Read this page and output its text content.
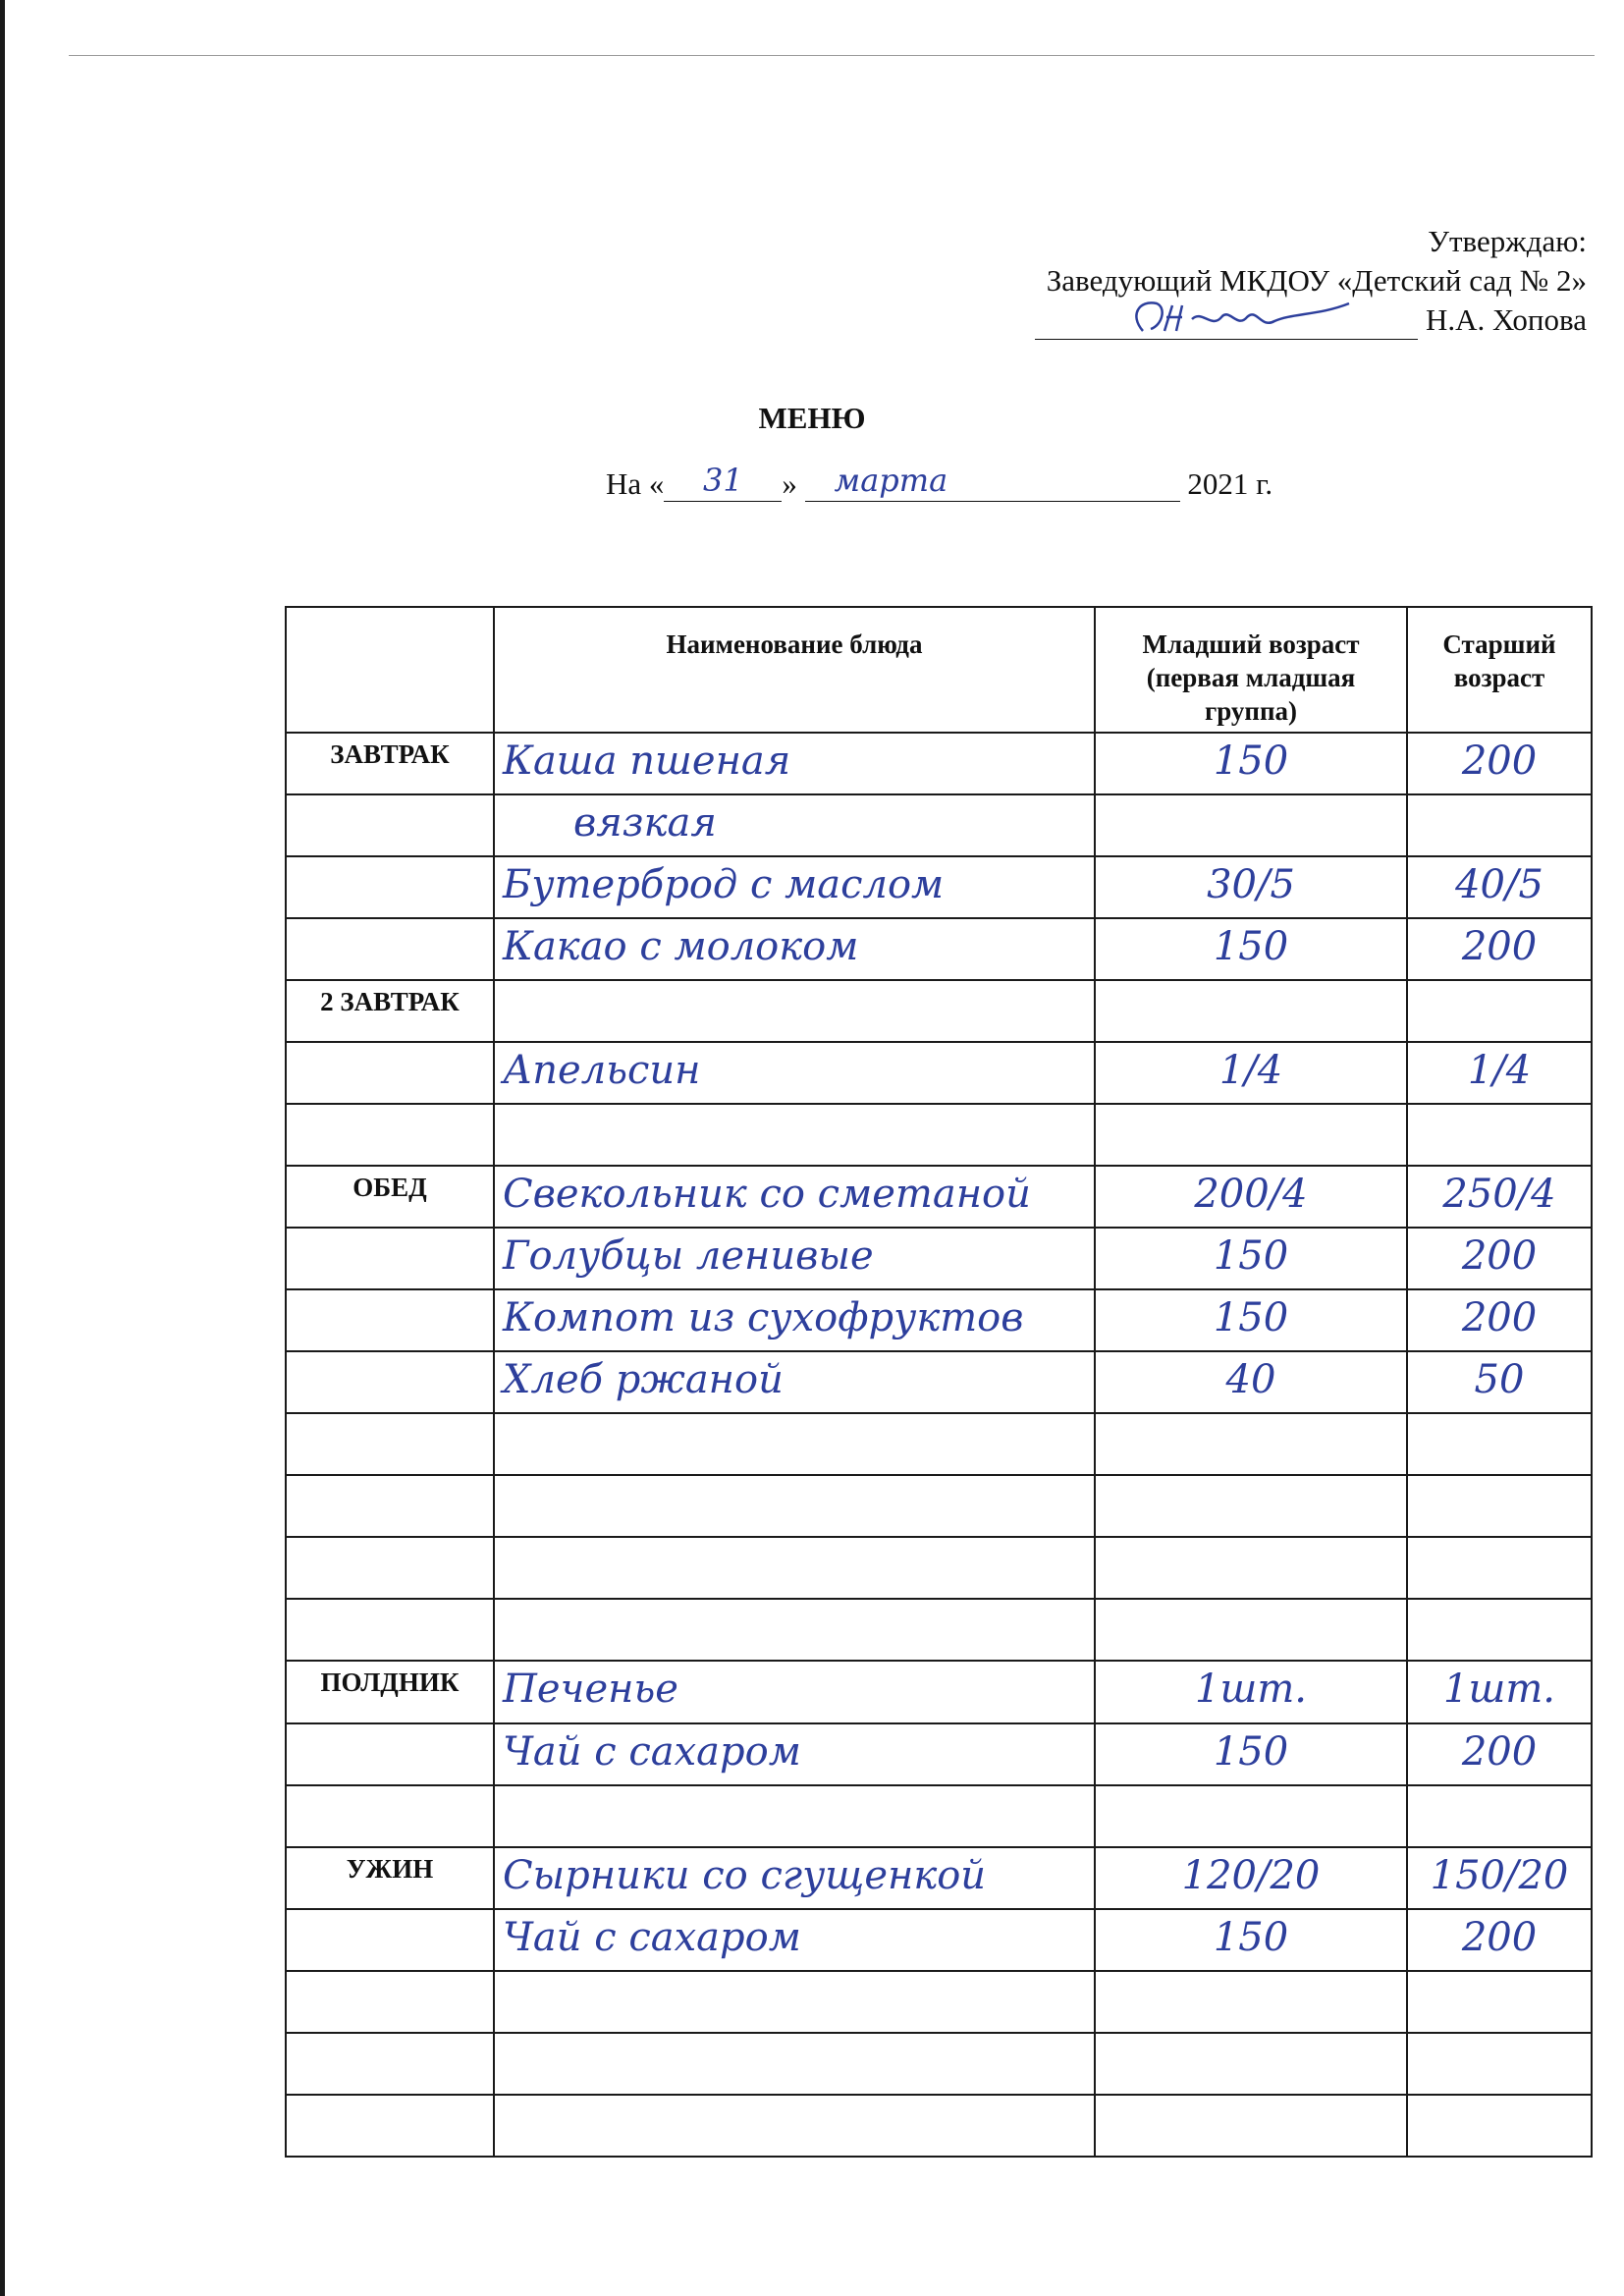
Утверждаю:
Заведующий МКДОУ «Детский сад № 2»
Н.А. Хопова
МЕНЮ
На «	31	»	марта	2021 г.
	Наименование блюда	Младший возраст (первая младшая группа)	Старший возраст
ЗАВТРАК	Каша пшеная	150	200
	вязкая		
	Бутерброд с маслом	30/5	40/5
	Какао с молоком	150	200
2 ЗАВТРАК			
	Апельсин	1/4	1/4

ОБЕД	Свекольник со сметаной	200/4	250/4
	Голубцы ленивые	150	200
	Компот из сухофруктов	150	200
	Хлеб ржаной	40	50

ПОЛДНИК	Печенье	1шт.	1шт.
	Чай с сахаром	150	200

УЖИН	Сырники со сгущенкой	120/20	150/20
	Чай с сахаром	150	200
